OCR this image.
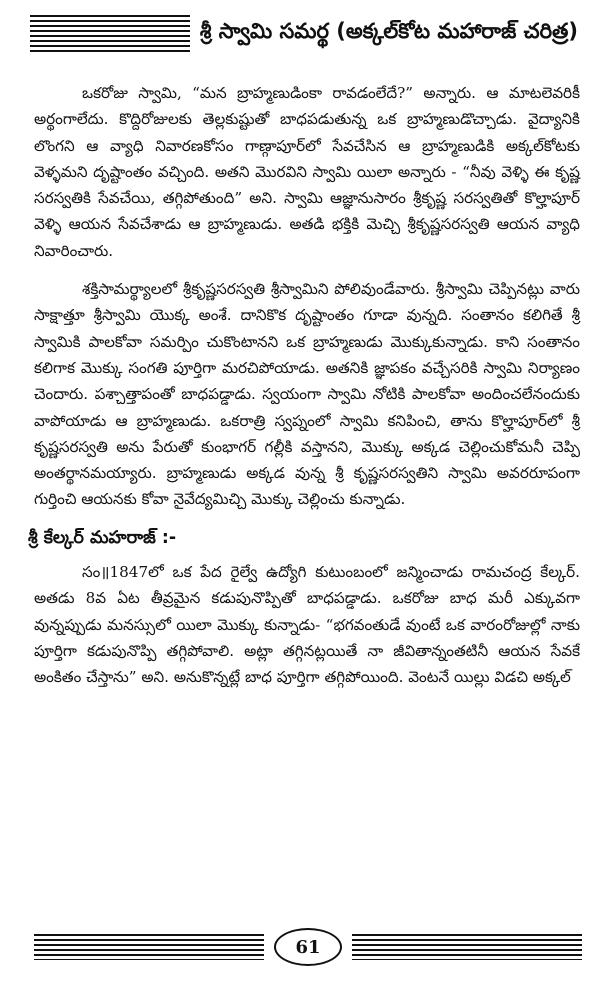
శ్రీ స్వామి సమర్థ (అక్కల్‌కోట మహారాజ్ చరిత్ర)

ఒకరోజు స్వామి, “మన బ్రాహ్మణుడింకా రావడంలేదే?” అన్నారు. ఆ మాటలెవరికీ అర్థంగాలేదు. కొద్దిరోజులకు తెల్లకుష్టుతో బాధపడుతున్న ఒక బ్రాహ్మణుడొచ్చాడు. వైద్యానికి లొంగని ఆ వ్యాధి నివారణకోసం గాణ్గాపూర్‌లో సేవచేసిన ఆ బ్రాహ్మణుడికి అక్కల్‌కోటకు వెళ్ళమని దృష్టాంతం వచ్చింది. అతని మొరవిని స్వామి యిలా అన్నారు - “నీవు వెళ్ళి ఈ కృష్ణ సరస్వతికి సేవచేయి, తగ్గిపోతుంది” అని. స్వామి ఆజ్ఞానుసారం శ్రీకృష్ణ సరస్వతితో కొల్హాపూర్ వెళ్ళి ఆయన సేవచేశాడు ఆ బ్రాహ్మణుడు. అతడి భక్తికి మెచ్చి శ్రీకృష్ణసరస్వతి ఆయన వ్యాధి నివారించారు.

శక్తిసామర్థ్యాలలో శ్రీకృష్ణసరస్వతి శ్రీస్వామిని పోలివుండేవారు. శ్రీస్వామి చెప్పినట్లు వారు సాక్షాత్తూ శ్రీస్వామి యొక్క అంశే. దానికొక దృష్టాంతం గూడా వున్నది. సంతానం కలిగితే శ్రీ స్వామికి పాలకోవా సమర్పిం చుకొంటానని ఒక బ్రాహ్మణుడు మొక్కుకున్నాడు. కాని సంతానం కలిగాక మొక్కు సంగతి పూర్తిగా మరచిపోయాడు. అతనికి జ్ఞాపకం వచ్చేసరికి స్వామి నిర్యాణం చెందారు. పశ్చాత్తాపంతో బాధపడ్డాడు. స్వయంగా స్వామి నోటికి పాలకోవా అందించలేనందుకు వాపోయాడు ఆ బ్రాహ్మణుడు. ఒకరాత్రి స్వప్నంలో స్వామి కనిపించి, తాను కొల్హాపూర్‌లో శ్రీ కృష్ణసరస్వతి అను పేరుతో కుంభాగర్ గల్లీకి వస్తానని, మొక్కు అక్కడ చెల్లించుకోమనీ చెప్పి అంతర్థానమయ్యారు. బ్రాహ్మణుడు అక్కడ వున్న శ్రీ కృష్ణసరస్వతిని స్వామి అవరరూపంగా గుర్తించి ఆయనకు కోవా నైవేద్యమిచ్చి మొక్కు చెల్లించు కున్నాడు.

శ్రీ కేల్కర్ మహరాజ్ :-

సం॥1847లో ఒక పేద రైల్వే ఉద్యోగి కుటుంబంలో జన్మించాడు రామచంద్ర కేల్కర్. అతడు 8వ ఏట తీవ్రమైన కడుపునొప్పితో బాధపడ్డాడు. ఒకరోజు బాధ మరీ ఎక్కువగా వున్నప్పుడు మనస్సులో యిలా మొక్కు కున్నాడు- “భగవంతుడే వుంటే ఒక వారంరోజుల్లో నాకు పూర్తిగా కడుపునొప్పి తగ్గిపోవాలి. అట్లా తగ్గినట్లయితే నా జీవితాన్నంతటినీ ఆయన సేవకే అంకితం చేస్తాను” అని. అనుకొన్నట్లే బాధ పూర్తిగా తగ్గిపోయింది. వెంటనే యిల్లు విడచి అక్కల్

61
